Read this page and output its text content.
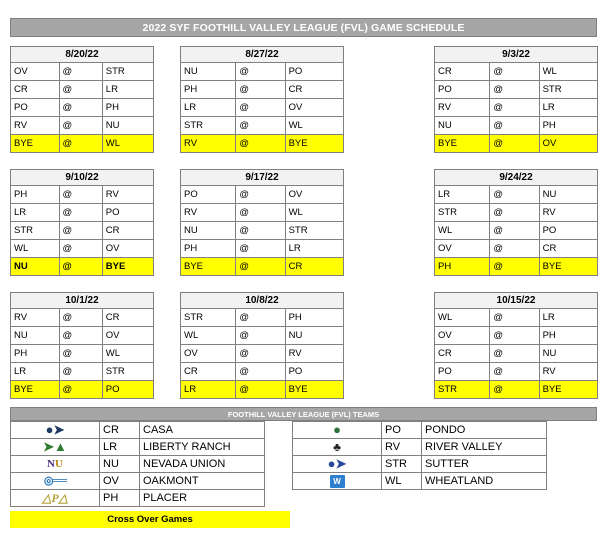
2022 SYF FOOTHILL VALLEY LEAGUE (FVL) GAME SCHEDULE
8/20/22
OV	@	STR
CR	@	LR
PO	@	PH
RV	@	NU
BYE	@	WL
8/27/22
NU	@	PO
PH	@	CR
LR	@	OV
STR	@	WL
RV	@	BYE
9/3/22
CR	@	WL
PO	@	STR
RV	@	LR
NU	@	PH
BYE	@	OV
9/10/22
PH	@	RV
LR	@	PO
STR	@	CR
WL	@	OV
NU	@	BYE
9/17/22
PO	@	OV
RV	@	WL
NU	@	STR
PH	@	LR
BYE	@	CR
9/24/22
LR	@	NU
STR	@	RV
WL	@	PO
OV	@	CR
PH	@	BYE
10/1/22
RV	@	CR
NU	@	OV
PH	@	WL
LR	@	STR
BYE	@	PO
10/8/22
STR	@	PH
WL	@	NU
OV	@	RV
CR	@	PO
LR	@	BYE
10/15/22
WL	@	LR
OV	@	PH
CR	@	NU
PO	@	RV
STR	@	BYE
FOOTHILL VALLEY LEAGUE (FVL) TEAMS
●➤	CR	CASA
➤▲	LR	LIBERTY RANCH
NU	NU	NEVADA UNION
◎══	OV	OAKMONT
△P△	PH	PLACER
●	PO	PONDO
♣	RV	RIVER VALLEY
●➤	STR	SUTTER
W	WL	WHEATLAND
Cross Over Games
